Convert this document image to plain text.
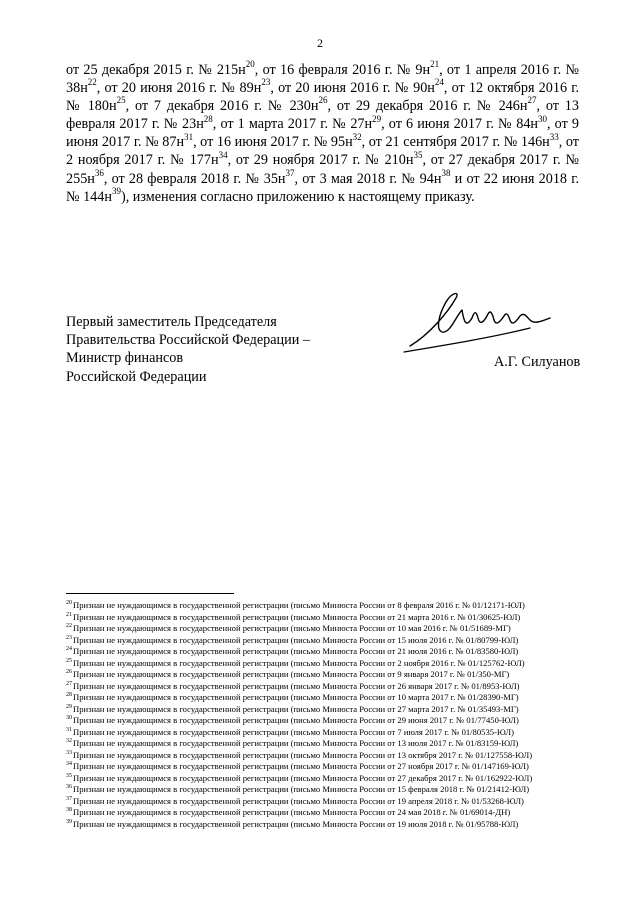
2
от 25 декабря 2015 г. № $215н^{20}$, от 16 февраля 2016 г. № $9н^{21}$, от 1 апреля 2016 г. № $38н^{22}$, от 20 июня 2016 г. № $89н^{23}$, от 20 июня 2016 г. № $90н^{24}$, от 12 октября 2016 г. № $180н^{25}$, от 7 декабря 2016 г. № $230н^{26}$, от 29 декабря 2016 г. № $246н^{27}$, от 13 февраля 2017 г. № $23н^{28}$, от 1 марта 2017 г. № $27н^{29}$, от 6 июня 2017 г. № $84н^{30}$, от 9 июня 2017 г. № $87н^{31}$, от 16 июня 2017 г. № $95н^{32}$, от 21 сентября 2017 г. № $146н^{33}$, от 2 ноября 2017 г. № $177н^{34}$, от 29 ноября 2017 г. № $210н^{35}$, от 27 декабря 2017 г. № $255н^{36}$, от 28 февраля 2018 г. № $35н^{37}$, от 3 мая 2018 г. № $94н^{38}$ и от 22 июня 2018 г. № $144н^{39}$), изменения согласно приложению к настоящему приказу.
Первый заместитель Председателя
Правительства Российской Федерации –
Министр финансов
Российской Федерации
А.Г. Силуанов
$^{20}$Признан не нуждающимся в государственной регистрации (письмо Минюста России от 8 февраля 2016 г. № 01/12171-ЮЛ)
$^{21}$Признан не нуждающимся в государственной регистрации (письмо Минюста России от 21 марта 2016 г. № 01/30625-ЮЛ)
$^{22}$Признан не нуждающимся в государственной регистрации (письмо Минюста России от 10 мая 2016 г. № 01/51689-МГ)
$^{23}$Признан не нуждающимся в государственной регистрации (письмо Минюста России от 15 июля 2016 г. № 01/80799-ЮЛ)
$^{24}$Признан не нуждающимся в государственной регистрации (письмо Минюста России от 21 июля 2016 г. № 01/83580-ЮЛ)
$^{25}$Признан не нуждающимся в государственной регистрации (письмо Минюста России от 2 ноября 2016 г. № 01/125762-ЮЛ)
$^{26}$Признан не нуждающимся в государственной регистрации (письмо Минюста России от 9 января 2017 г. № 01/350-МГ)
$^{27}$Признан не нуждающимся в государственной регистрации (письмо Минюста России от 26 января 2017 г. № 01/8953-ЮЛ)
$^{28}$Признан не нуждающимся в государственной регистрации (письмо Минюста России от 10 марта 2017 г. № 01/28390-МГ)
$^{29}$Признан не нуждающимся в государственной регистрации (письмо Минюста России от 27 марта 2017 г. № 01/35493-МГ)
$^{30}$Признан не нуждающимся в государственной регистрации (письмо Минюста России от 29 июня 2017 г. № 01/77450-ЮЛ)
$^{31}$Признан не нуждающимся в государственной регистрации (письмо Минюста России от 7 июля 2017 г. № 01/80535-ЮЛ)
$^{32}$Признан не нуждающимся в государственной регистрации (письмо Минюста России от 13 июля 2017 г. № 01/83159-ЮЛ)
$^{33}$Признан не нуждающимся в государственной регистрации (письмо Минюста России от 13 октября 2017 г. № 01/127558-ЮЛ)
$^{34}$Признан не нуждающимся в государственной регистрации (письмо Минюста России от 27 ноября 2017 г. № 01/147169-ЮЛ)
$^{35}$Признан не нуждающимся в государственной регистрации (письмо Минюста России от 27 декабря 2017 г. № 01/162922-ЮЛ)
$^{36}$Признан не нуждающимся в государственной регистрации (письмо Минюста России от 15 февраля 2018 г. № 01/21412-ЮЛ)
$^{37}$Признан не нуждающимся в государственной регистрации (письмо Минюста России от 19 апреля 2018 г. № 01/53268-ЮЛ)
$^{38}$Признан не нуждающимся в государственной регистрации (письмо Минюста России от 24 мая 2018 г. № 01/69014-ДН)
$^{39}$Признан не нуждающимся в государственной регистрации (письмо Минюста России от 19 июля 2018 г. № 01/95788-ЮЛ)
